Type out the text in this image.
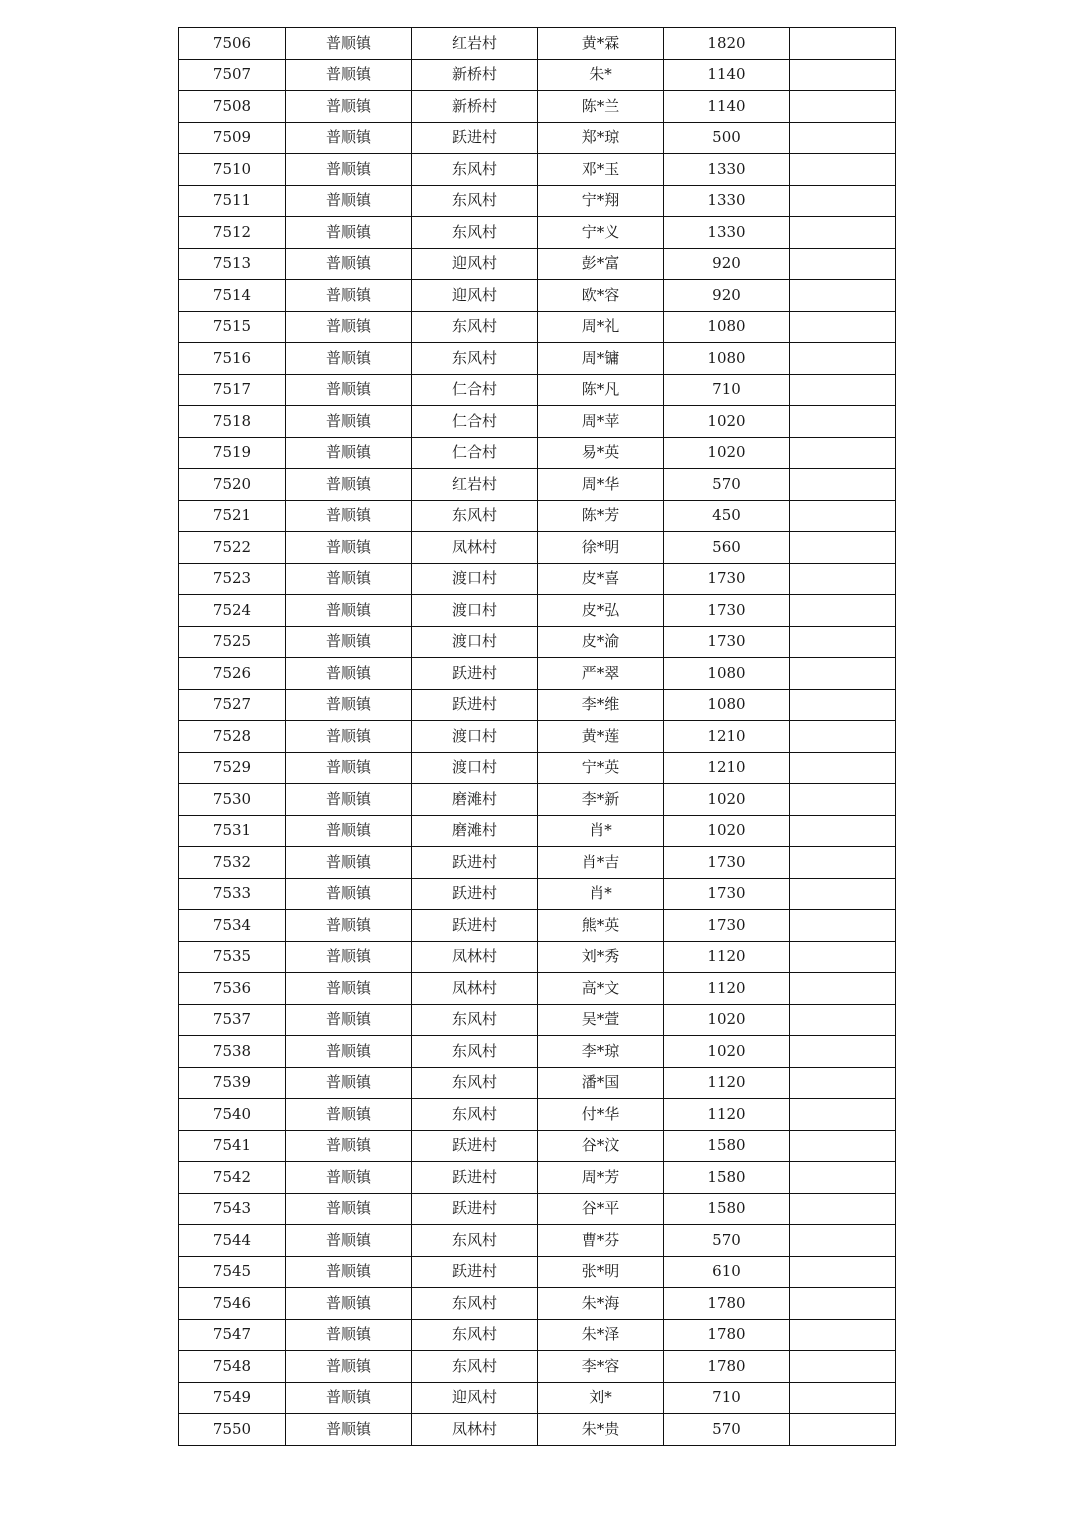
7506	普顺镇	红岩村	黄*霖	1820	
7507	普顺镇	新桥村	朱*	1140	
7508	普顺镇	新桥村	陈*兰	1140	
7509	普顺镇	跃进村	郑*琼	500	
7510	普顺镇	东风村	邓*玉	1330	
7511	普顺镇	东风村	宁*翔	1330	
7512	普顺镇	东风村	宁*义	1330	
7513	普顺镇	迎风村	彭*富	920	
7514	普顺镇	迎风村	欧*容	920	
7515	普顺镇	东风村	周*礼	1080	
7516	普顺镇	东风村	周*镛	1080	
7517	普顺镇	仁合村	陈*凡	710	
7518	普顺镇	仁合村	周*苹	1020	
7519	普顺镇	仁合村	易*英	1020	
7520	普顺镇	红岩村	周*华	570	
7521	普顺镇	东风村	陈*芳	450	
7522	普顺镇	凤林村	徐*明	560	
7523	普顺镇	渡口村	皮*喜	1730	
7524	普顺镇	渡口村	皮*弘	1730	
7525	普顺镇	渡口村	皮*渝	1730	
7526	普顺镇	跃进村	严*翠	1080	
7527	普顺镇	跃进村	李*维	1080	
7528	普顺镇	渡口村	黄*莲	1210	
7529	普顺镇	渡口村	宁*英	1210	
7530	普顺镇	磨滩村	李*新	1020	
7531	普顺镇	磨滩村	肖*	1020	
7532	普顺镇	跃进村	肖*吉	1730	
7533	普顺镇	跃进村	肖*	1730	
7534	普顺镇	跃进村	熊*英	1730	
7535	普顺镇	凤林村	刘*秀	1120	
7536	普顺镇	凤林村	高*文	1120	
7537	普顺镇	东风村	吴*萱	1020	
7538	普顺镇	东风村	李*琼	1020	
7539	普顺镇	东风村	潘*国	1120	
7540	普顺镇	东风村	付*华	1120	
7541	普顺镇	跃进村	谷*汶	1580	
7542	普顺镇	跃进村	周*芳	1580	
7543	普顺镇	跃进村	谷*平	1580	
7544	普顺镇	东风村	曹*芬	570	
7545	普顺镇	跃进村	张*明	610	
7546	普顺镇	东风村	朱*海	1780	
7547	普顺镇	东风村	朱*泽	1780	
7548	普顺镇	东风村	李*容	1780	
7549	普顺镇	迎风村	刘*	710	
7550	普顺镇	凤林村	朱*贵	570	
